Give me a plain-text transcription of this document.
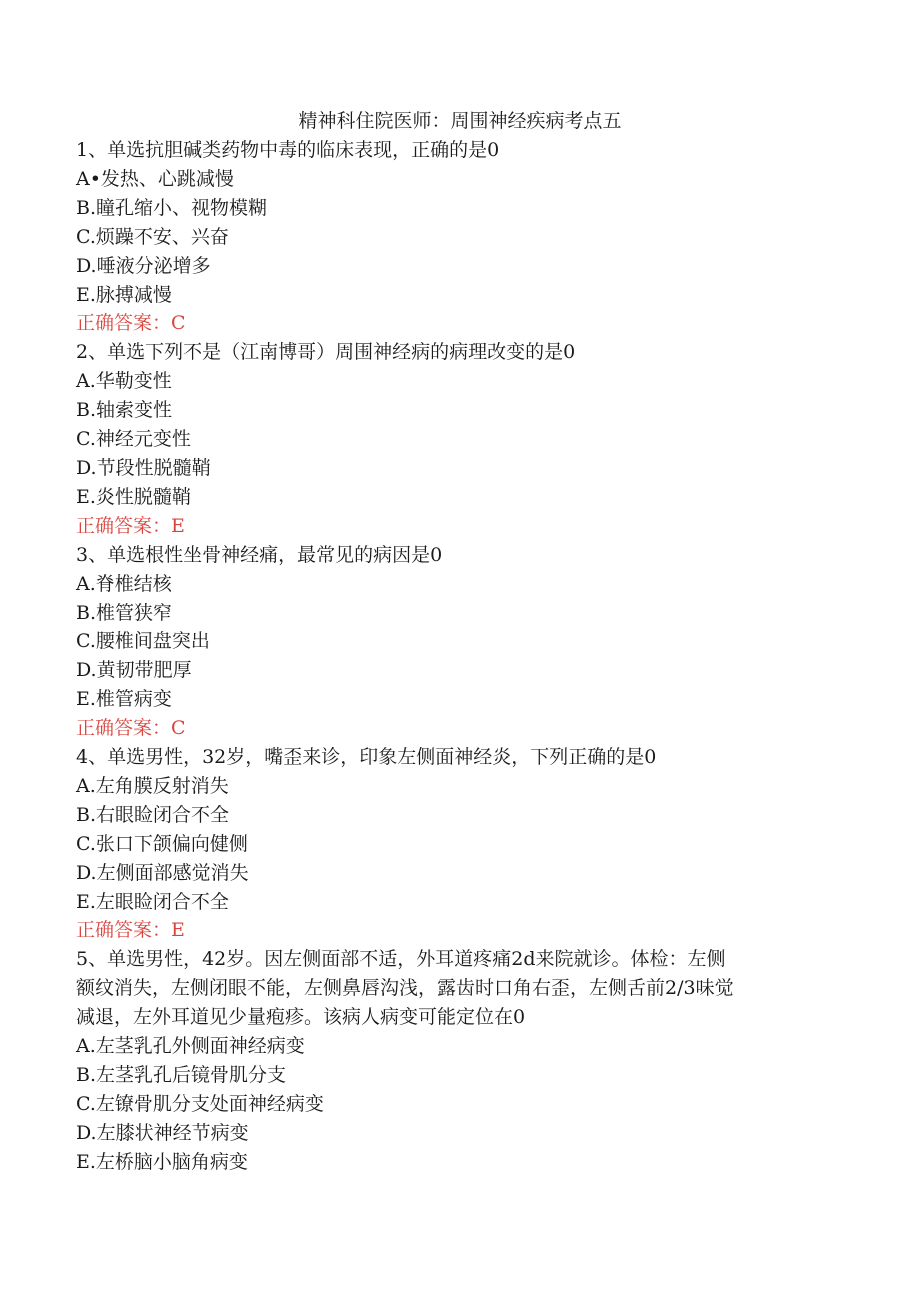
精神科住院医师：周围神经疾病考点五
1、单选抗胆碱类药物中毒的临床表现，正确的是0
A•发热、心跳减慢
B.瞳孔缩小、视物模糊
C.烦躁不安、兴奋
D.唾液分泌增多
E.脉搏减慢
正确答案：C
2、单选下列不是（江南博哥）周围神经病的病理改变的是0
A.华勒变性
B.轴索变性
C.神经元变性
D.节段性脱髓鞘
E.炎性脱髓鞘
正确答案：E
3、单选根性坐骨神经痛，最常见的病因是0
A.脊椎结核
B.椎管狭窄
C.腰椎间盘突出
D.黄韧带肥厚
E.椎管病变
正确答案：C
4、单选男性，32岁，嘴歪来诊，印象左侧面神经炎，下列正确的是0
A.左角膜反射消失
B.右眼睑闭合不全
C.张口下颌偏向健侧
D.左侧面部感觉消失
E.左眼睑闭合不全
正确答案：E
5、单选男性，42岁。因左侧面部不适，外耳道疼痛2d来院就诊。体检：左侧
额纹消失，左侧闭眼不能，左侧鼻唇沟浅，露齿时口角右歪，左侧舌前2/3味觉
减退，左外耳道见少量疱疹。该病人病变可能定位在0
A.左茎乳孔外侧面神经病变
B.左茎乳孔后镜骨肌分支
C.左镣骨肌分支处面神经病变
D.左膝状神经节病变
E.左桥脑小脑角病变
